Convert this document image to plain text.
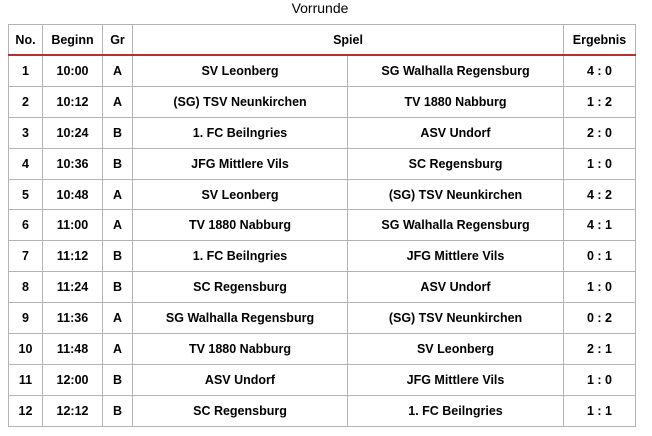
Vorrunde
No.	Beginn	Gr	Spiel		Ergebnis
1	10:00	A	SV Leonberg	SG Walhalla Regensburg	4 : 0
2	10:12	A	(SG) TSV Neunkirchen	TV 1880 Nabburg	1 : 2
3	10:24	B	1. FC Beilngries	ASV Undorf	2 : 0
4	10:36	B	JFG Mittlere Vils	SC Regensburg	1 : 0
5	10:48	A	SV Leonberg	(SG) TSV Neunkirchen	4 : 2
6	11:00	A	TV 1880 Nabburg	SG Walhalla Regensburg	4 : 1
7	11:12	B	1. FC Beilngries	JFG Mittlere Vils	0 : 1
8	11:24	B	SC Regensburg	ASV Undorf	1 : 0
9	11:36	A	SG Walhalla Regensburg	(SG) TSV Neunkirchen	0 : 2
10	11:48	A	TV 1880 Nabburg	SV Leonberg	2 : 1
11	12:00	B	ASV Undorf	JFG Mittlere Vils	1 : 0
12	12:12	B	SC Regensburg	1. FC Beilngries	1 : 1
